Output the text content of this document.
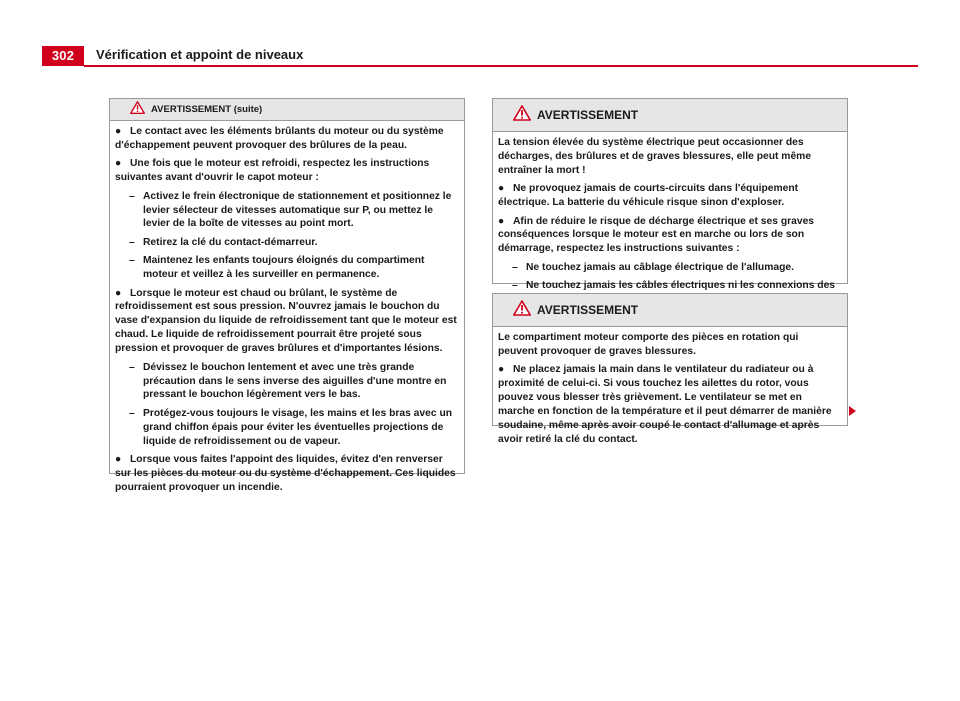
302	Vérification et appoint de niveaux
AVERTISSEMENT (suite)

● Le contact avec les éléments brûlants du moteur ou du système d'échappement peuvent provoquer des brûlures de la peau.

● Une fois que le moteur est refroidi, respectez les instructions suivantes avant d'ouvrir le capot moteur :

– Activez le frein électronique de stationnement et positionnez le levier sélecteur de vitesses automatique sur P, ou mettez le levier de la boîte de vitesses au point mort.

– Retirez la clé du contact-démarreur.

– Maintenez les enfants toujours éloignés du compartiment moteur et veillez à les surveiller en permanence.

● Lorsque le moteur est chaud ou brûlant, le système de refroidissement est sous pression. N'ouvrez jamais le bouchon du vase d'expansion du liquide de refroidissement tant que le moteur est chaud. Le liquide de refroidissement pourrait être projeté sous pression et provoquer de graves brûlures et d'importantes lésions.

– Dévissez le bouchon lentement et avec une très grande précaution dans le sens inverse des aiguilles d'une montre en pressant le bouchon légèrement vers le bas.

– Protégez-vous toujours le visage, les mains et les bras avec un grand chiffon épais pour éviter les éventuelles projections de liquide de refroidissement ou de vapeur.

● Lorsque vous faites l'appoint des liquides, évitez d'en renverser sur les pièces du moteur ou du système d'échappement. Ces liquides pourraient provoquer un incendie.

AVERTISSEMENT

La tension élevée du système électrique peut occasionner des décharges, des brûlures et de graves blessures, elle peut même entraîner la mort !

● Ne provoquez jamais de courts-circuits dans l'équipement électrique. La batterie du véhicule risque sinon d'exploser.

● Afin de réduire le risque de décharge électrique et ses graves conséquences lorsque le moteur est en marche ou lors de son démarrage, respectez les instructions suivantes :

– Ne touchez jamais au câblage électrique de l'allumage.

– Ne touchez jamais les câbles électriques ni les connexions des

AVERTISSEMENT

Le compartiment moteur comporte des pièces en rotation qui peuvent provoquer de graves blessures.

● Ne placez jamais la main dans le ventilateur du radiateur ou à proximité de celui-ci. Si vous touchez les ailettes du rotor, vous pouvez vous blesser très grièvement. Le ventilateur se met en marche en fonction de la température et il peut démarrer de manière soudaine, même après avoir coupé le contact d'allumage et après avoir retiré la clé du contact.
